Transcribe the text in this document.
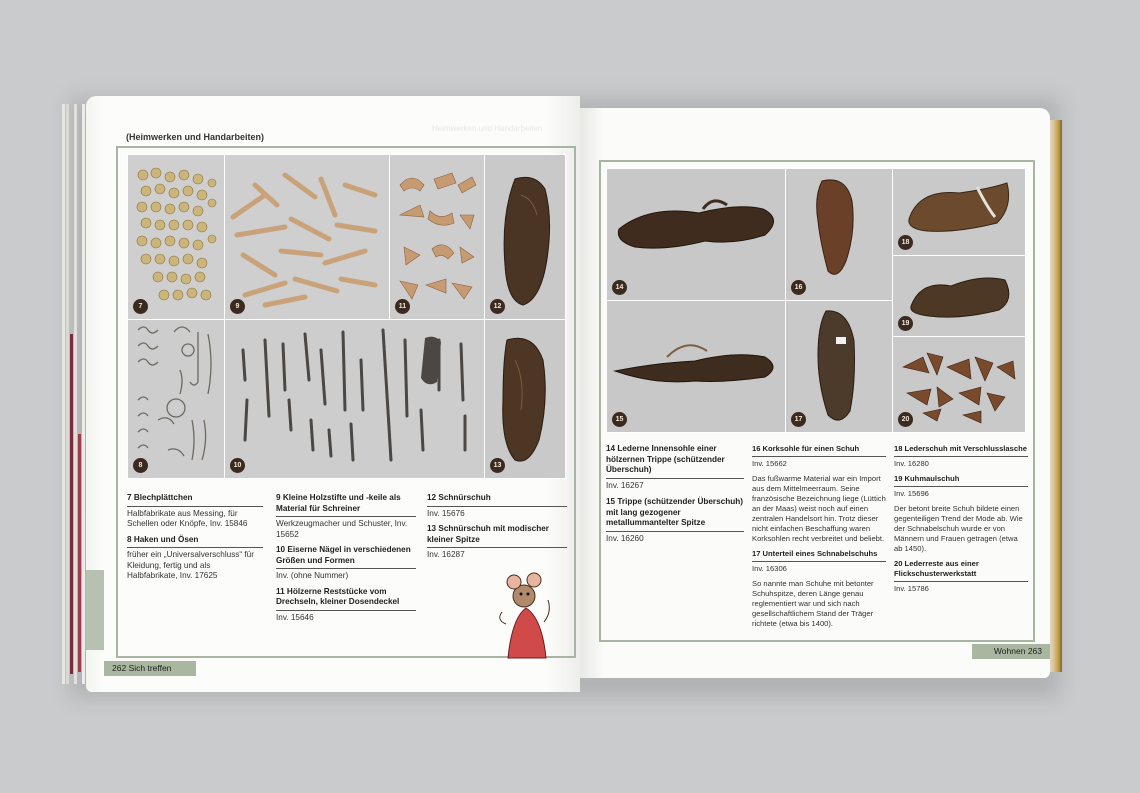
Heimwerken und Handarbeiten
(Heimwerken und Handarbeiten)
7	9	11	12
8	10	13
7 Blechplättchen
Halbfabrikate aus Messing, für Schellen oder Knöpfe, Inv. 15846
8 Haken und Ösen
früher ein „Universalverschluss“ für Kleidung, fertig und als Halbfabrikate, Inv. 17625
9 Kleine Holzstifte und -keile als Material für Schreiner
Werkzeugmacher und Schuster, Inv. 15652
10 Eiserne Nägel in verschiedenen Größen und Formen
Inv. (ohne Nummer)
11 Hölzerne Reststücke vom Drechseln, kleiner Dosendeckel
Inv. 15646
12 Schnürschuh
Inv. 15676
13 Schnürschuh mit modischer kleiner Spitze
Inv. 16287
14	16
18
19
15	17	20
14 Lederne Innensohle einer hölzernen Trippe (schützender Überschuh)
Inv. 16267
15 Trippe (schützender Überschuh) mit lang gezogener metallummantelter Spitze
Inv. 16260
16 Korksohle für einen Schuh
Inv. 15662
Das fußwarme Material war ein Import aus dem Mittelmeerraum. Seine französische Bezeichnung liege (Lüttich an der Maas) weist noch auf einen zentralen Handelsort hin. Trotz dieser nicht einfachen Beschaffung waren Korksohlen recht verbreitet und beliebt.
17 Unterteil eines Schnabelschuhs
Inv. 16306
So nannte man Schuhe mit betonter Schuhspitze, deren Länge genau reglementiert war und sich nach gesellschaftlichem Stand der Träger richtete (etwa bis 1400).
18 Lederschuh mit Verschlusslasche
Inv. 16280
19 Kuhmaulschuh
Inv. 15696
Der betont breite Schuh bildete einen gegenteiligen Trend der Mode ab. Wie der Schnabelschuh wurde er von Männern und Frauen getragen (etwa ab 1450).
20 Lederreste aus einer Flickschusterwerkstatt
Inv. 15786
262 Sich treffen
Wohnen 263
